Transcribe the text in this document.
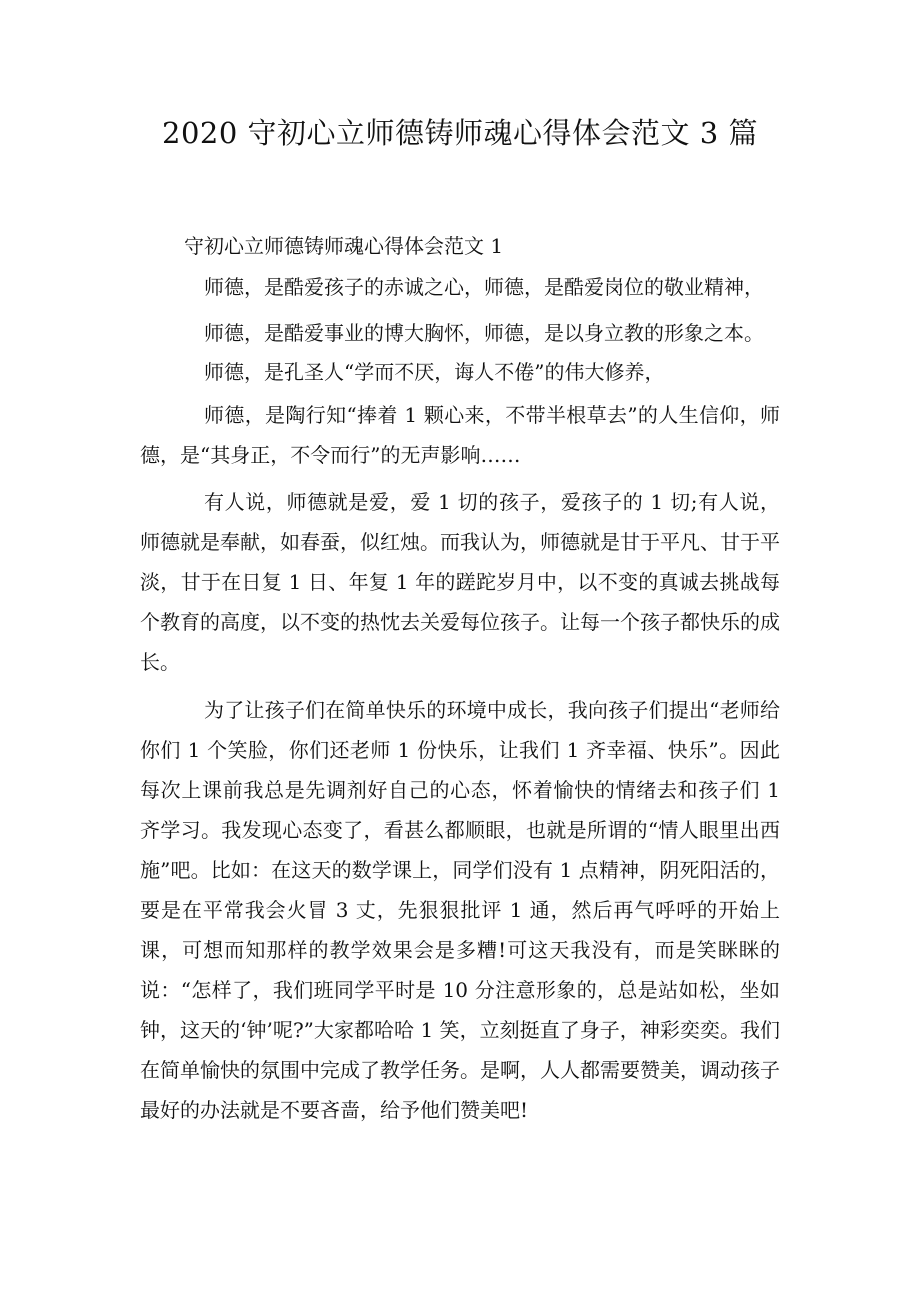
2020 守初心立师德铸师魂心得体会范文 3 篇
守初心立师德铸师魂心得体会范文 1
师德，是酷爱孩子的赤诚之心，师德，是酷爱岗位的敬业精神，
师德，是酷爱事业的博大胸怀，师德，是以身立教的形象之本。
师德，是孔圣人“学而不厌，诲人不倦”的伟大修养，

师德，是陶行知“捧着 1 颗心来，不带半根草去”的人生信仰，师德，是“其身正，不令而行”的无声影响……

有人说，师德就是爱，爱 1 切的孩子，爱孩子的 1 切;有人说，师德就是奉献，如春蚕，似红烛。而我认为，师德就是甘于平凡、甘于平淡，甘于在日复 1 日、年复 1 年的蹉跎岁月中，以不变的真诚去挑战每个教育的高度，以不变的热忱去关爱每位孩子。让每一个孩子都快乐的成长。

为了让孩子们在简单快乐的环境中成长，我向孩子们提出“老师给你们 1 个笑脸，你们还老师 1 份快乐，让我们 1 齐幸福、快乐”。因此每次上课前我总是先调剂好自己的心态，怀着愉快的情绪去和孩子们 1 齐学习。我发现心态变了，看甚么都顺眼，也就是所谓的“情人眼里出西施”吧。比如：在这天的数学课上，同学们没有 1 点精神，阴死阳活的，要是在平常我会火冒 3 丈，先狠狠批评 1 通，然后再气呼呼的开始上课，可想而知那样的教学效果会是多糟!可这天我没有，而是笑眯眯的说：“怎样了，我们班同学平时是 10 分注意形象的，总是站如松，坐如钟，这天的‘钟’呢?”大家都哈哈 1 笑，立刻挺直了身子，神彩奕奕。我们在简单愉快的氛围中完成了教学任务。是啊，人人都需要赞美，调动孩子最好的办法就是不要吝啬，给予他们赞美吧!
